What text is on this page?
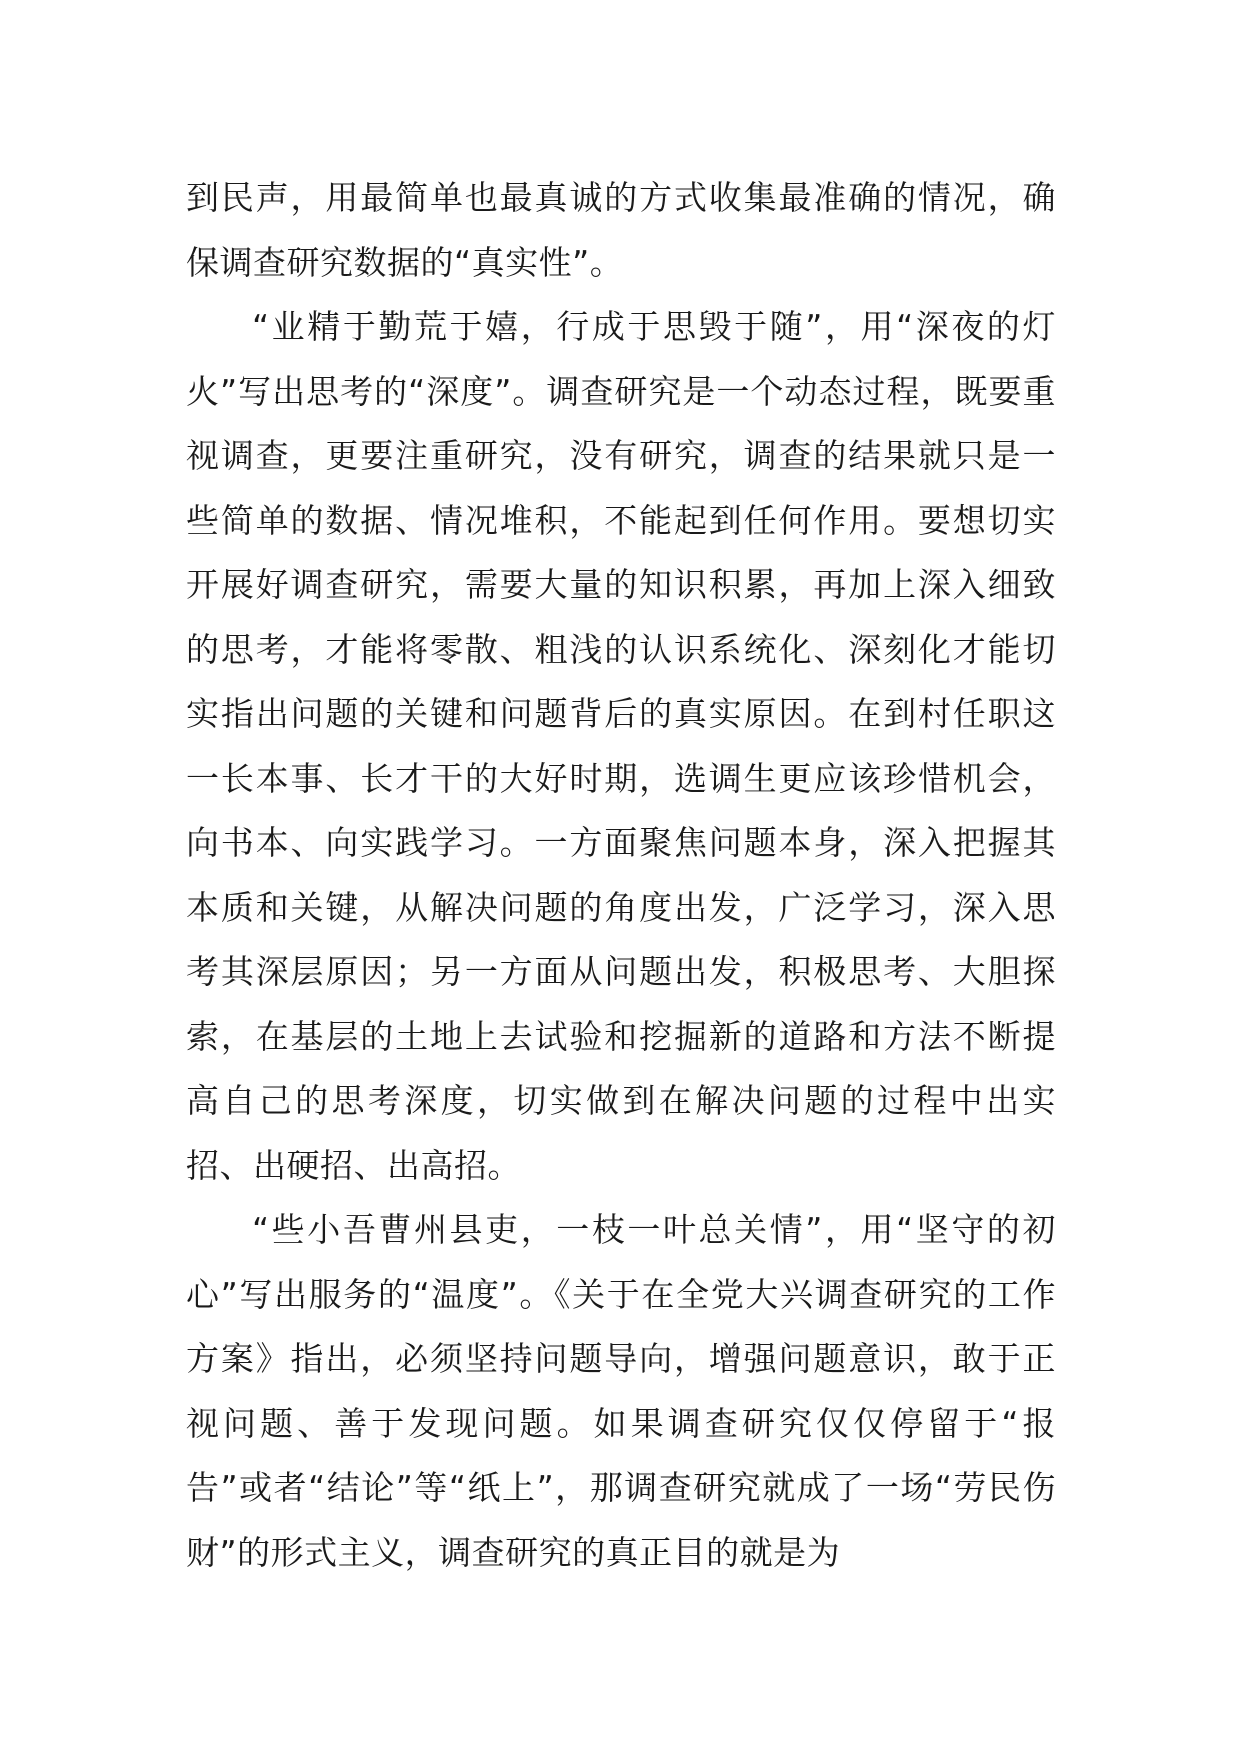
到民声，用最简单也最真诚的方式收集最准确的情况，确保调查研究数据的“真实性”。

“业精于勤荒于嬉，行成于思毁于随”，用“深夜的灯火”写出思考的“深度”。调查研究是一个动态过程，既要重视调查，更要注重研究，没有研究，调查的结果就只是一些简单的数据、情况堆积，不能起到任何作用。要想切实开展好调查研究，需要大量的知识积累，再加上深入细致的思考，才能将零散、粗浅的认识系统化、深刻化才能切实指出问题的关键和问题背后的真实原因。在到村任职这一长本事、长才干的大好时期，选调生更应该珍惜机会，向书本、向实践学习。一方面聚焦问题本身，深入把握其本质和关键，从解决问题的角度出发，广泛学习，深入思考其深层原因；另一方面从问题出发，积极思考、大胆探索，在基层的土地上去试验和挖掘新的道路和方法不断提高自己的思考深度，切实做到在解决问题的过程中出实招、出硬招、出高招。

“些小吾曹州县吏，一枝一叶总关情”，用“坚守的初心”写出服务的“温度”。《关于在全党大兴调查研究的工作方案》指出，必须坚持问题导向，增强问题意识，敢于正视问题、善于发现问题。如果调查研究仅仅停留于“报告”或者“结论”等“纸上”，那调查研究就成了一场“劳民伤财”的形式主义，调查研究的真正目的就是为
